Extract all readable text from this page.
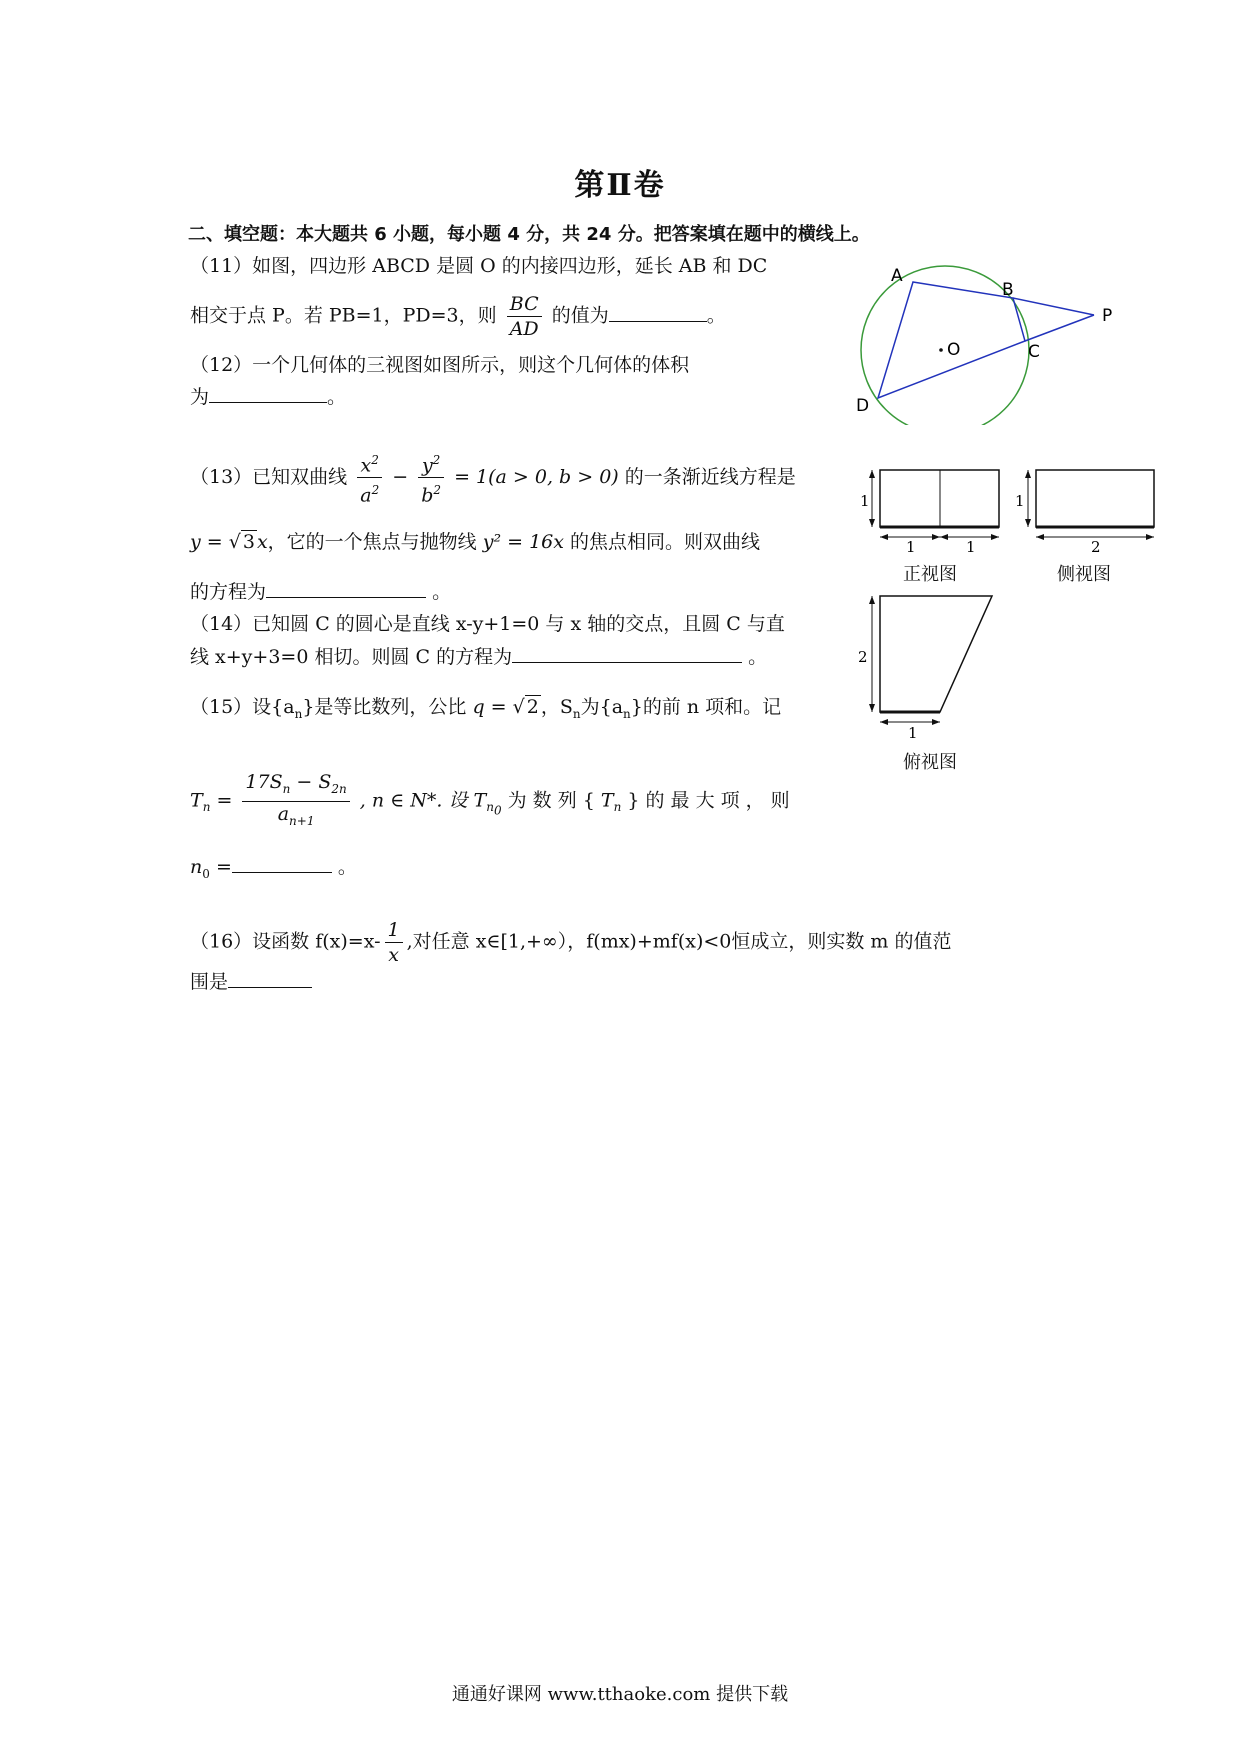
第Ⅱ卷
二、填空题：本大题共 6 小题，每小题 4 分，共 24 分。把答案填在题中的横线上。
（11）如图，四边形 ABCD 是圆 O 的内接四边形，延长 AB 和 DC
相交于点 P。若 PB=1，PD=3，则 $\frac{BC}{AD}$ 的值为	。
（12）一个几何体的三视图如图所示，则这个几何体的体积
为	。
（13）已知双曲线 $\frac{x^2}{a^2} - \frac{y^2}{b^2} = 1(a > 0$, b > 0) 的一条渐近线方程是
y = √ 3 x，它的一个焦点与抛物线 y² = 16x 的焦点相同。则双曲线
的方程为	。
（14）已知圆 C 的圆心是直线 x-y+1=0 与 x 轴的交点，且圆 C 与直
线 x+y+3=0 相切。则圆 C 的方程为	。
（15）设$\{a_n\}$是等比数列，公比 q = √ 2 ，$S_n$为$\{a_n\}$的前 n 项和。记
$T_n = \frac{17S_n - S_{2n}}{a_{n+1}}$ , n ∈ N*. 设 $T_{n_0}$ 为 数 列 { $T_n$ } 的 最 大 项 ， 则
$n_0$ =	。
（16）设函数 $f(x)=x- \frac{1}{x}$ ,对任意 x∈[1,+∞），f(mx)+mf(x)<0恒成立，则实数 m 的值范
围是
A
B
P
O	C
D
1
1	1
正视图
1
2
侧视图
2
1
俯视图
通通好课网 www.tthaoke.com 提供下载
